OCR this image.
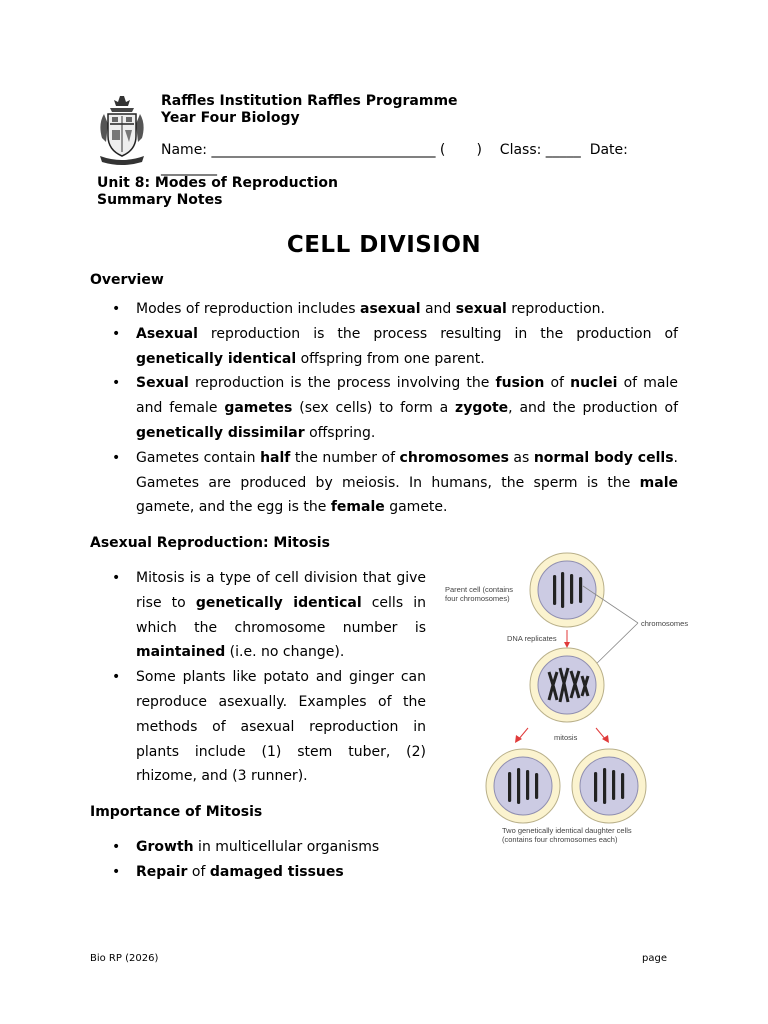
Raffles Institution Raffles Programme
Year Four Biology
Name: ________________________________ (       )    Class: _____  Date:
________
Unit 8: Modes of Reproduction
Summary Notes
CELL DIVISION
Overview
• Modes of reproduction includes asexual and sexual reproduction.
• Asexual reproduction is the process resulting in the production of genetically identical offspring from one parent.
• Sexual reproduction is the process involving the fusion of nuclei of male and female gametes (sex cells) to form a zygote, and the production of genetically dissimilar offspring.
• Gametes contain half the number of chromosomes as normal body cells. Gametes are produced by meiosis. In humans, the sperm is the male gamete, and the egg is the female gamete.
Asexual Reproduction: Mitosis
• Mitosis is a type of cell division that give rise to genetically identical cells in which the chromosome number is maintained (i.e. no change).
• Some plants like potato and ginger can reproduce asexually. Examples of the methods of asexual reproduction in plants include (1) stem tuber, (2) rhizome, and (3 runner).
Parent cell (contains
four chromosomes)
chromosomes
DNA replicates
mitosis
Two genetically identical daughter cells
(contains four chromosomes each)
Importance of Mitosis
• Growth in multicellular organisms
• Repair of damaged tissues
Bio RP (2026)	page
